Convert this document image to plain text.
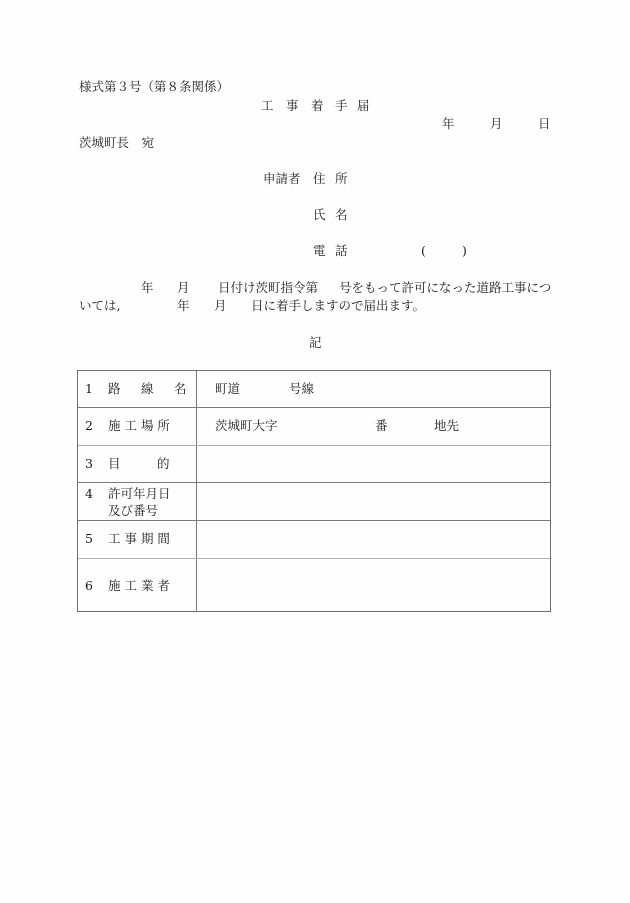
様式第３号（第８条関係）
工 事 着 手 届
年	月	日
茨城町長　宛
申請者 住 所
氏 名
電 話	(	)
年 月 日付け茨町指令第 号をもって許可になった道路工事につ
いては,	年 月 日に着手しますので届出ます。
記
1 路　線　名 町道	号線
2 施 工 場 所	茨城町大字	番	地先
3 目	的
4 許可年月日
及び番号
5 工 事 期 間
6 施 工 業 者
